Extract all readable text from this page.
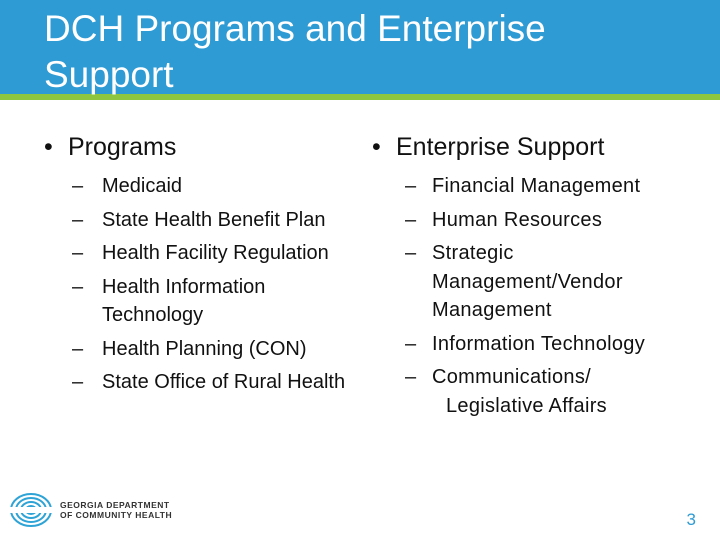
DCH Programs and Enterprise Support
• Programs
– Medicaid
– State Health Benefit Plan
– Health Facility Regulation
– Health Information Technology
– Health Planning (CON)
– State Office of Rural Health
• Enterprise Support
– Financial Management
– Human Resources
– Strategic Management/Vendor Management
– Information Technology
– Communications/
Legislative Affairs
GEORGIA DEPARTMENT
OF COMMUNITY HEALTH	3
